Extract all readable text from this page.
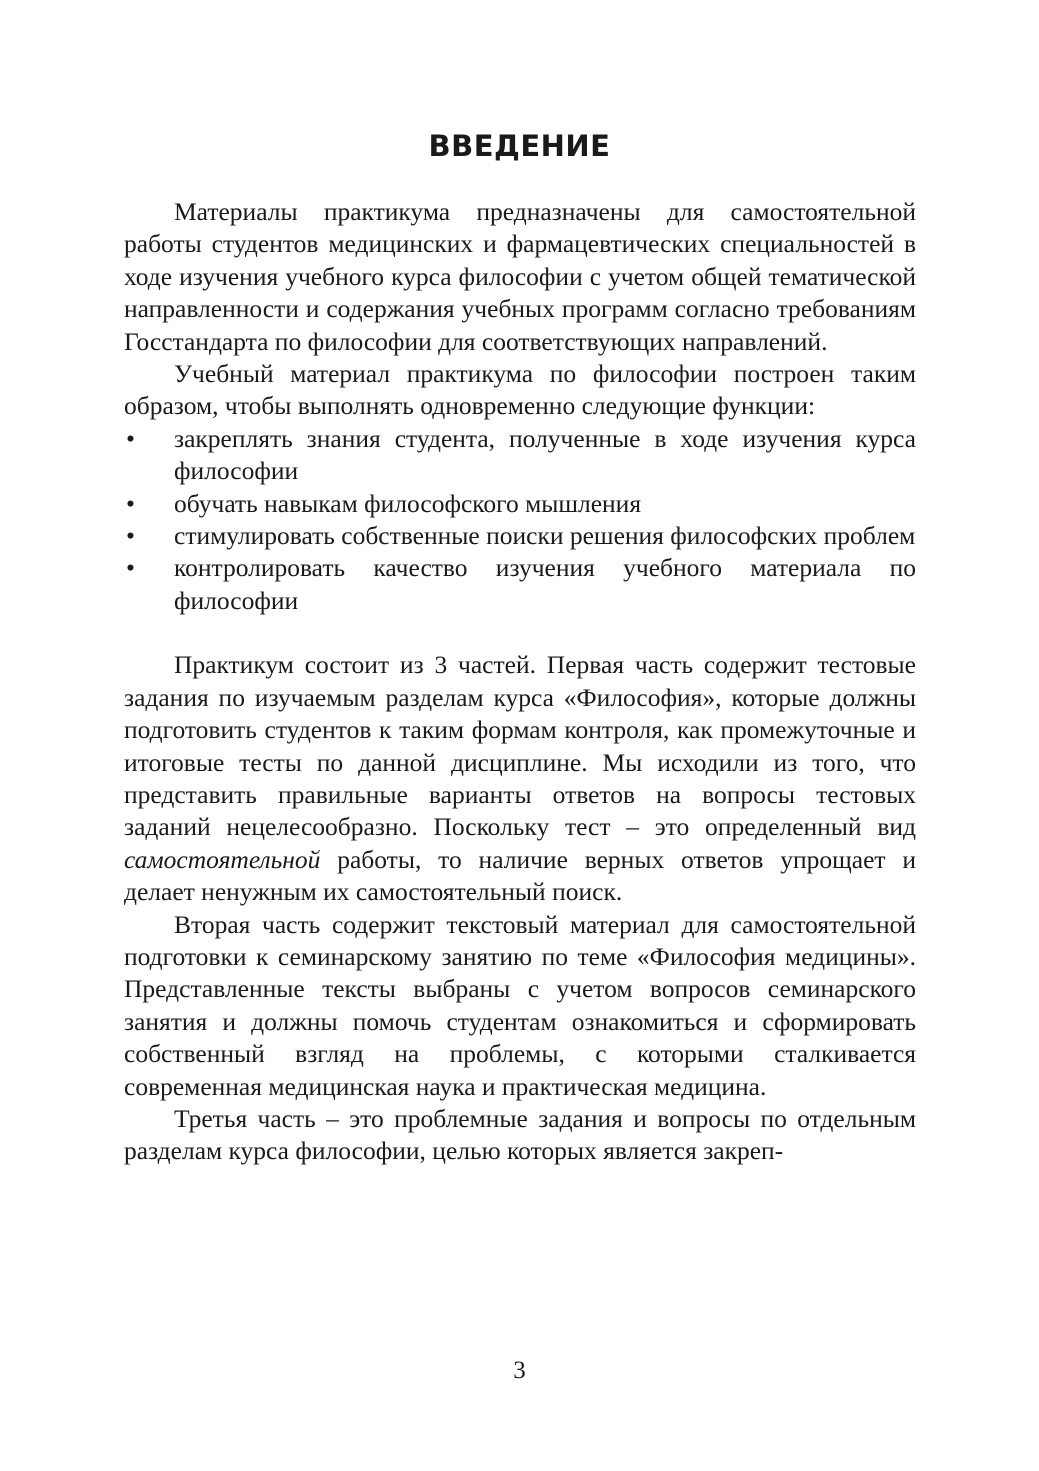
ВВЕДЕНИЕ

Материалы практикума предназначены для самостоятельной работы студентов медицинских и фармацевтических специальностей в ходе изучения учебного курса философии с учетом общей тематической направленности и содержания учебных программ согласно требованиям Госстандарта по философии для соответствующих направлений.

Учебный материал практикума по философии построен таким образом, чтобы выполнять одновременно следующие функции:

•	закреплять знания студента, полученные в ходе изучения курса философии
•	обучать навыкам философского мышления
•	стимулировать собственные поиски решения философских проблем
•	контролировать качество изучения учебного материала по философии

Практикум состоит из 3 частей. Первая часть содержит тестовые задания по изучаемым разделам курса «Философия», которые должны подготовить студентов к таким формам контроля, как промежуточные и итоговые тесты по данной дисциплине. Мы исходили из того, что представить правильные варианты ответов на вопросы тестовых заданий нецелесообразно. Поскольку тест – это определенный вид самостоятельной работы, то наличие верных ответов упрощает и делает ненужным их самостоятельный поиск.

Вторая часть содержит текстовый материал для самостоятельной подготовки к семинарскому занятию по теме «Философия медицины». Представленные тексты выбраны с учетом вопросов семинарского занятия и должны помочь студентам ознакомиться и сформировать собственный взгляд на проблемы, с которыми сталкивается современная медицинская наука и практическая медицина.

Третья часть – это проблемные задания и вопросы по отдельным разделам курса философии, целью которых является закреп-

3
